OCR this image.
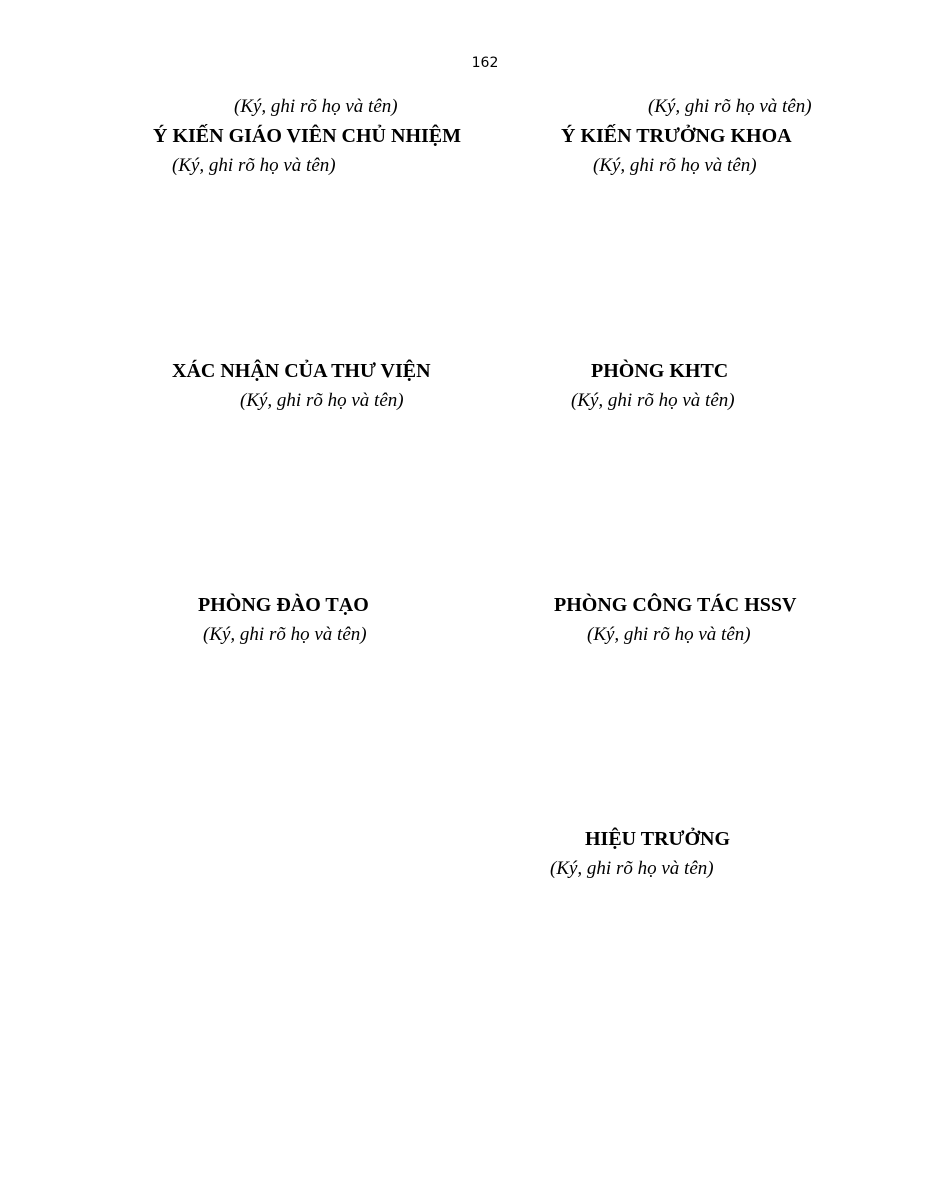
162
(Ký, ghi rõ họ và tên)	(Ký, ghi rõ họ và tên)
Ý KIẾN GIÁO VIÊN CHỦ NHIỆM
(Ký, ghi rõ họ và tên)
Ý KIẾN TRƯỞNG KHOA
(Ký, ghi rõ họ và tên)
XÁC NHẬN CỦA THƯ VIỆN
(Ký, ghi rõ họ và tên)
PHÒNG KHTC
(Ký, ghi rõ họ và tên)
PHÒNG ĐÀO TẠO
(Ký, ghi rõ họ và tên)
PHÒNG CÔNG TÁC HSSV
(Ký, ghi rõ họ và tên)
HIỆU TRƯỞNG
(Ký, ghi rõ họ và tên)
